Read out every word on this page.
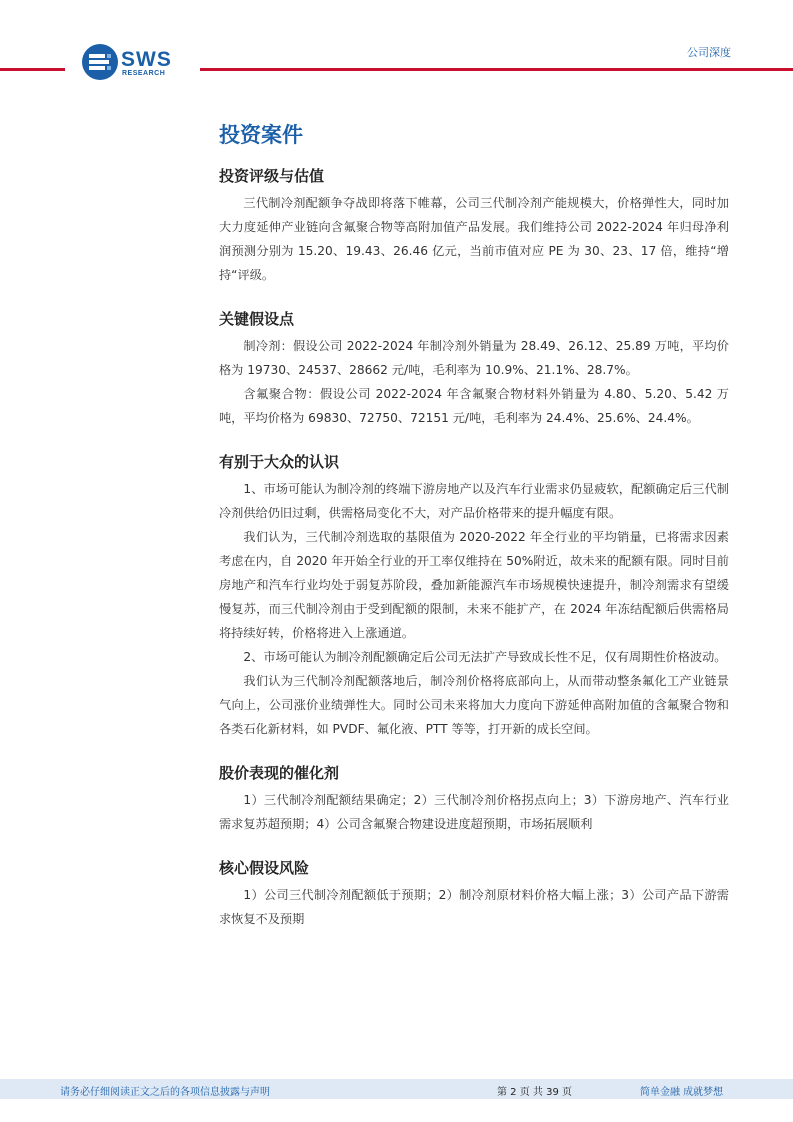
SWS
RESEARCH
公司深度
投资案件
投资评级与估值

三代制冷剂配额争夺战即将落下帷幕，公司三代制冷剂产能规模大，价格弹性大，同时加大力度延伸产业链向含氟聚合物等高附加值产品发展。我们维持公司 2022-2024 年归母净利润预测分别为 15.20、19.43、26.46 亿元，当前市值对应 PE 为 30、23、17 倍，维持“增持“评级。

关键假设点

制冷剂：假设公司 2022-2024 年制冷剂外销量为 28.49、26.12、25.89 万吨，平均价格为 19730、24537、28662 元/吨，毛利率为 10.9%、21.1%、28.7%。

含氟聚合物：假设公司 2022-2024 年含氟聚合物材料外销量为 4.80、5.20、5.42 万吨，平均价格为 69830、72750、72151 元/吨，毛利率为 24.4%、25.6%、24.4%。

有别于大众的认识

1、市场可能认为制冷剂的终端下游房地产以及汽车行业需求仍显疲软，配额确定后三代制冷剂供给仍旧过剩，供需格局变化不大，对产品价格带来的提升幅度有限。

我们认为，三代制冷剂选取的基限值为 2020-2022 年全行业的平均销量，已将需求因素考虑在内，自 2020 年开始全行业的开工率仅维持在 50%附近，故未来的配额有限。同时目前房地产和汽车行业均处于弱复苏阶段，叠加新能源汽车市场规模快速提升，制冷剂需求有望缓慢复苏，而三代制冷剂由于受到配额的限制，未来不能扩产，在 2024 年冻结配额后供需格局将持续好转，价格将进入上涨通道。

2、市场可能认为制冷剂配额确定后公司无法扩产导致成长性不足，仅有周期性价格波动。

我们认为三代制冷剂配额落地后，制冷剂价格将底部向上，从而带动整条氟化工产业链景气向上，公司涨价业绩弹性大。同时公司未来将加大力度向下游延伸高附加值的含氟聚合物和各类石化新材料，如 PVDF、氟化液、PTT 等等，打开新的成长空间。

股价表现的催化剂

1）三代制冷剂配额结果确定；2）三代制冷剂价格拐点向上；3）下游房地产、汽车行业需求复苏超预期；4）公司含氟聚合物建设进度超预期，市场拓展顺利

核心假设风险

1）公司三代制冷剂配额低于预期；2）制冷剂原材料价格大幅上涨；3）公司产品下游需求恢复不及预期

请务必仔细阅读正文之后的各项信息披露与声明	第 2 页 共 39 页	简单金融 成就梦想
